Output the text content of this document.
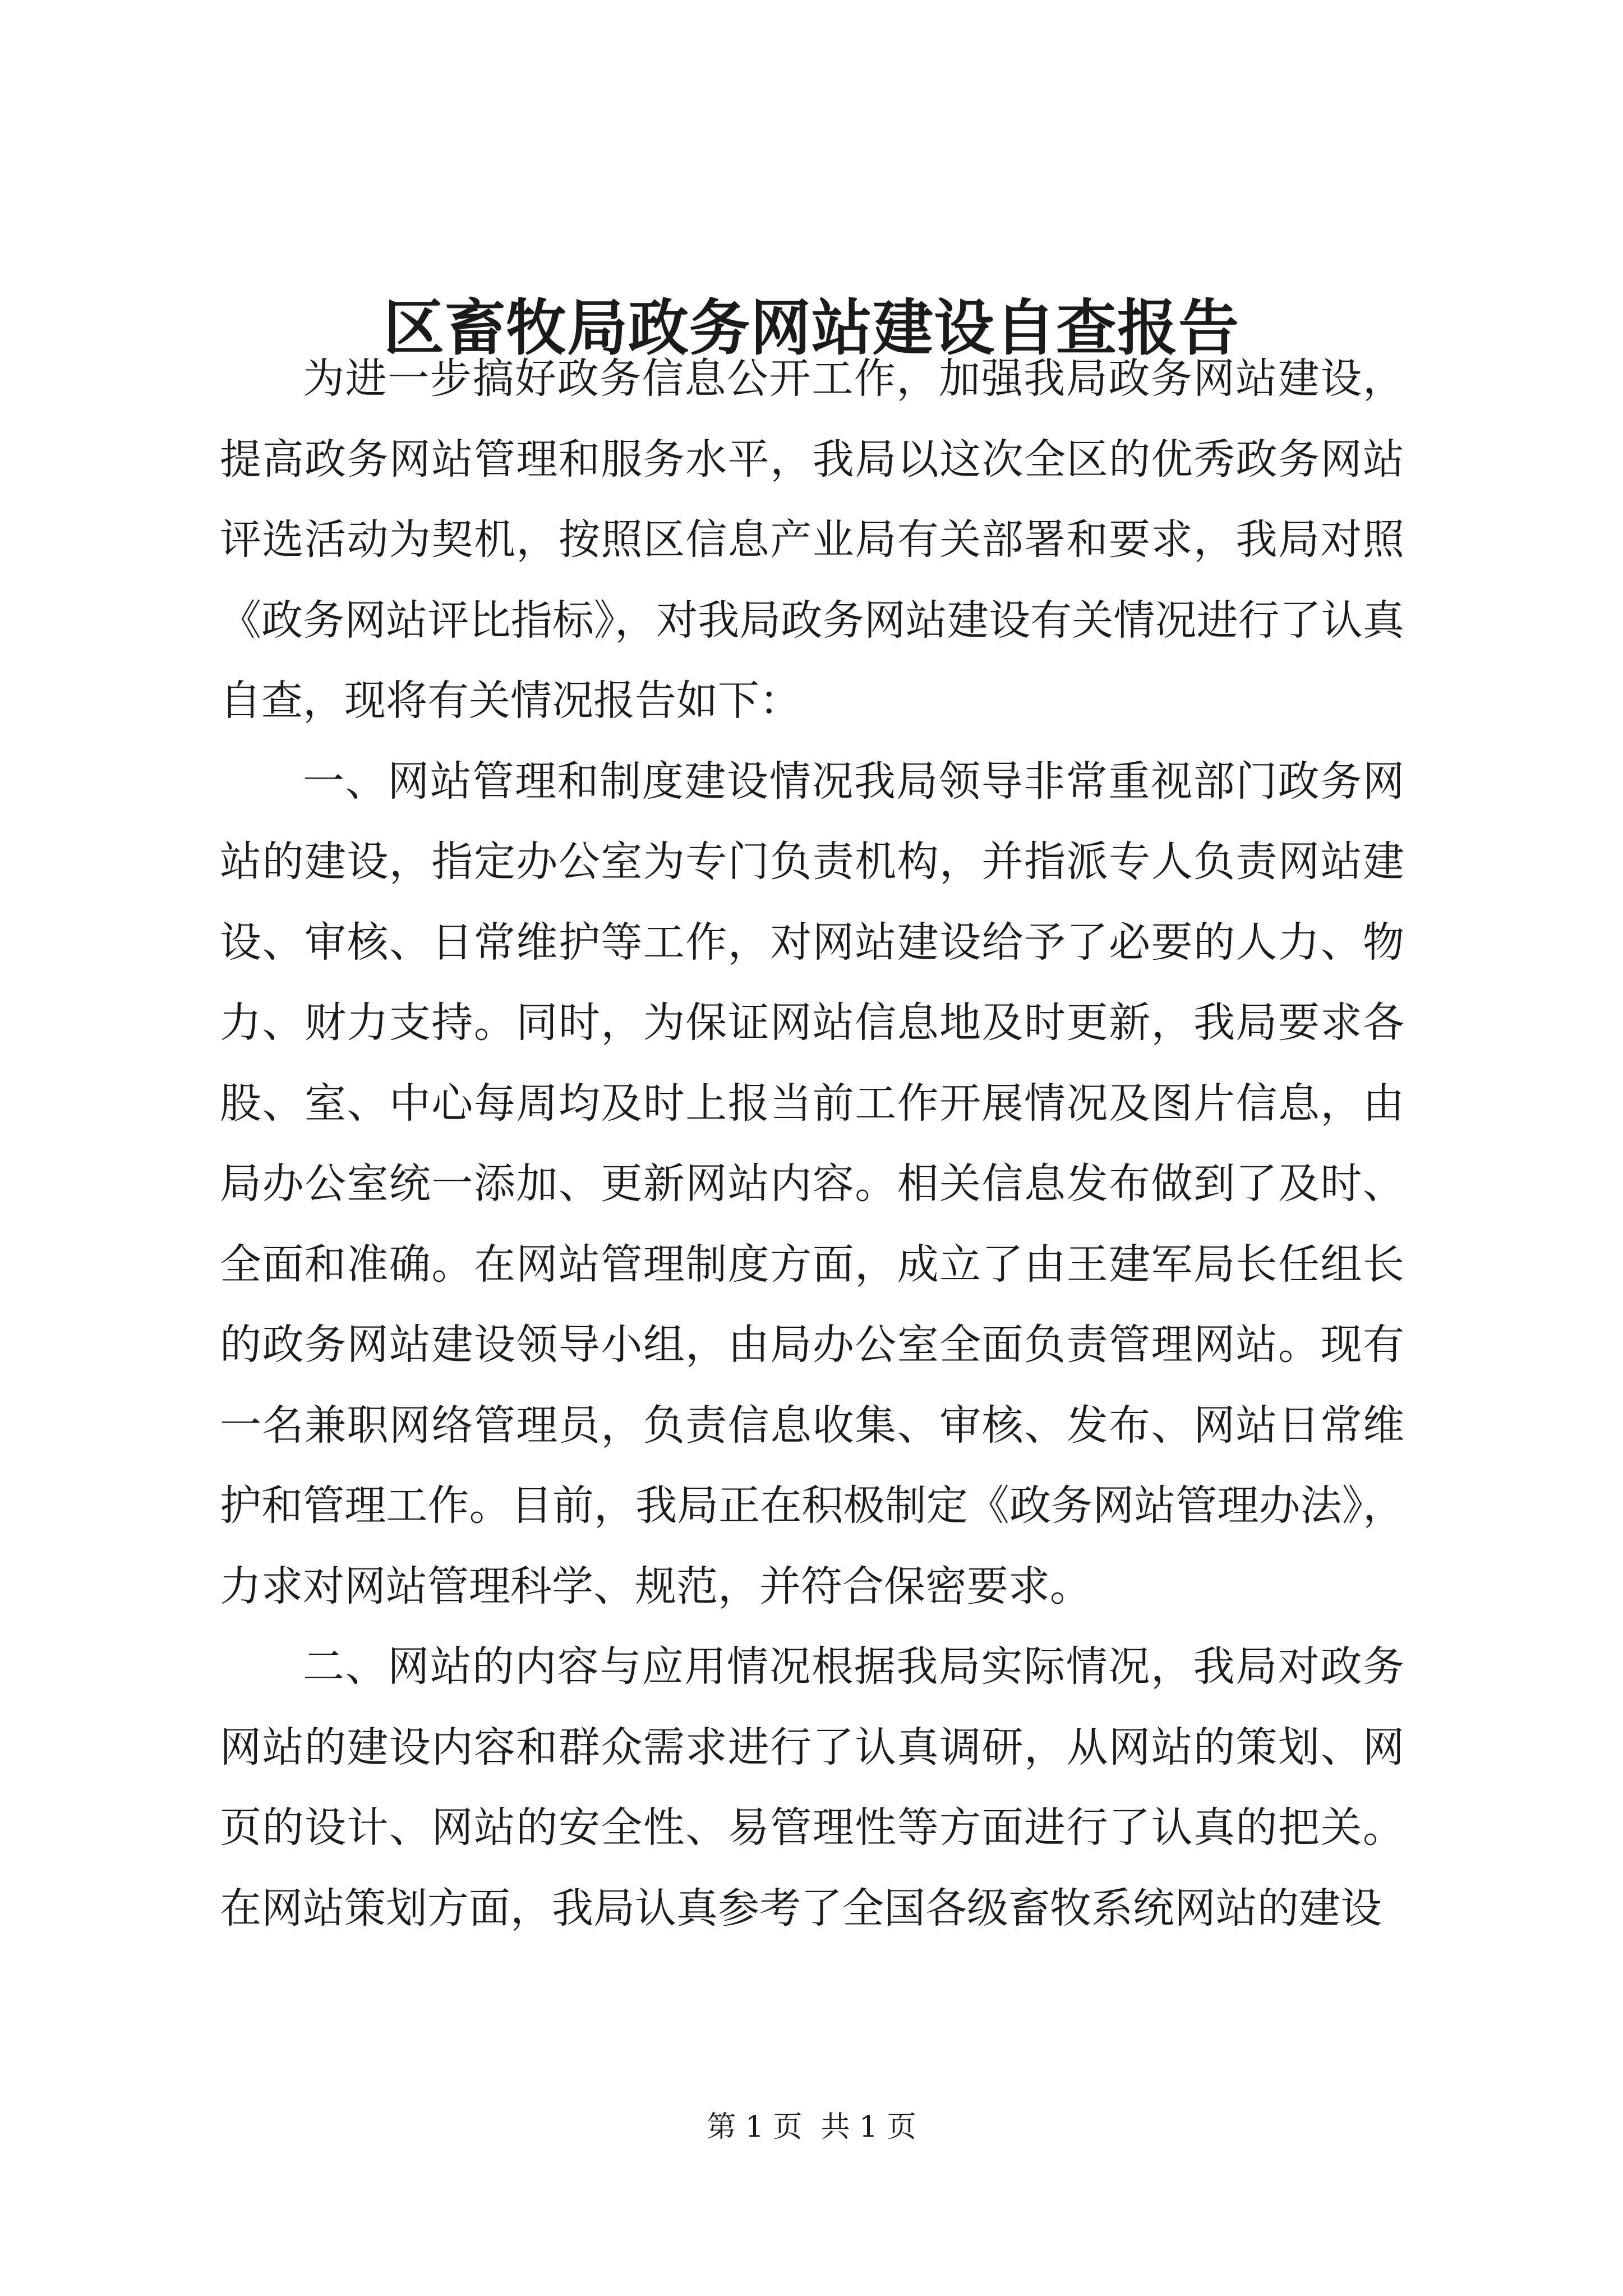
区畜牧局政务网站建设自查报告

为进一步搞好政务信息公开工作，加强我局政务网站建设，提高政务网站管理和服务水平，我局以这次全区的优秀政务网站评选活动为契机，按照区信息产业局有关部署和要求，我局对照《政务网站评比指标》，对我局政务网站建设有关情况进行了认真自查，现将有关情况报告如下：

一、网站管理和制度建设情况我局领导非常重视部门政务网站的建设，指定办公室为专门负责机构，并指派专人负责网站建设、审核、日常维护等工作，对网站建设给予了必要的人力、物力、财力支持。同时，为保证网站信息地及时更新，我局要求各股、室、中心每周均及时上报当前工作开展情况及图片信息，由局办公室统一添加、更新网站内容。相关信息发布做到了及时、全面和准确。在网站管理制度方面，成立了由王建军局长任组长的政务网站建设领导小组，由局办公室全面负责管理网站。现有一名兼职网络管理员，负责信息收集、审核、发布、网站日常维护和管理工作。目前，我局正在积极制定《政务网站管理办法》，力求对网站管理科学、规范，并符合保密要求。

二、网站的内容与应用情况根据我局实际情况，我局对政务网站的建设内容和群众需求进行了认真调研，从网站的策划、网页的设计、网站的安全性、易管理性等方面进行了认真的把关。在网站策划方面，我局认真参考了全国各级畜牧系统网站的建设

第 1 页  共 1 页
